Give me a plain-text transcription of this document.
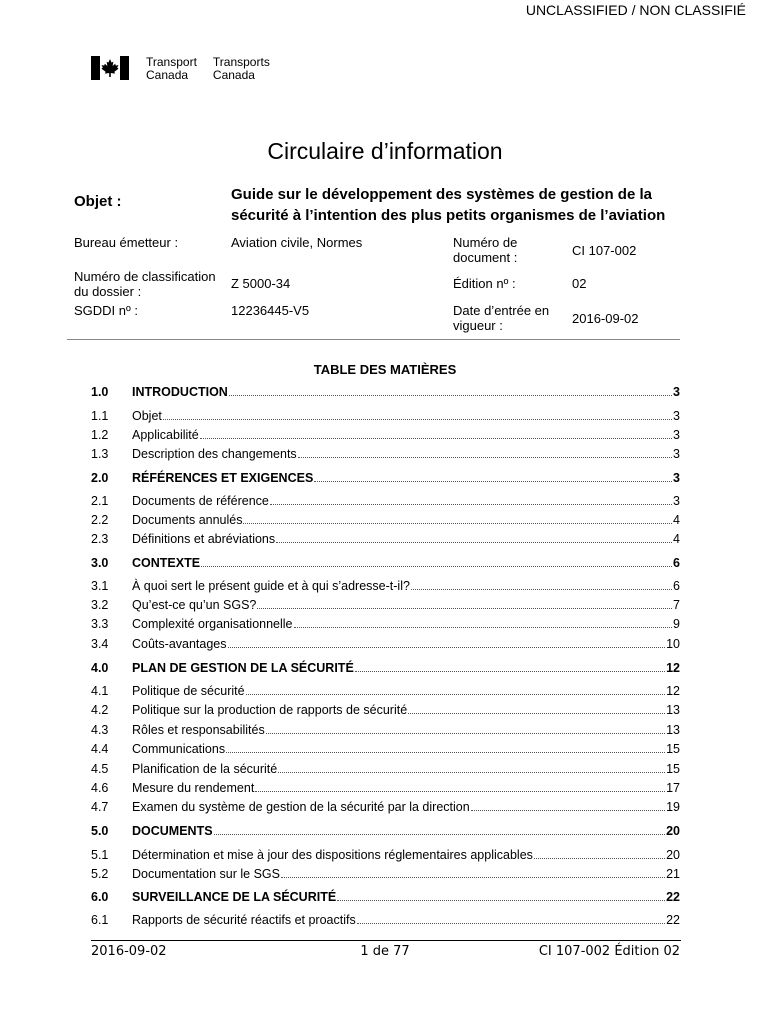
UNCLASSIFIED / NON CLASSIFIÉ
Transport
Canada
Transports
Canada
Circulaire d’information
Objet :	Guide sur le développement des systèmes de gestion de la
sécurité à l’intention des plus petits organismes de l’aviation
Bureau émetteur :	Aviation civile, Normes	Numéro de
document :	CI 107-002
Numéro de classification
du dossier :
Z 5000-34	Édition nº :	02
SGDDI nº :	12236445-V5	Date d’entrée en
vigueur :	2016-09-02
TABLE DES MATIÈRES
1.0 INTRODUCTION	3
1.1 Objet	3
1.2 Applicabilité	3
1.3 Description des changements	3
2.0 RÉFÉRENCES ET EXIGENCES	3
2.1 Documents de référence	3
2.2 Documents annulés	4
2.3 Définitions et abréviations	4
3.0 CONTEXTE	6
3.1 À quoi sert le présent guide et à qui s’adresse-t-il?	6
3.2 Qu’est-ce qu’un SGS?	7
3.3 Complexité organisationnelle	9
3.4 Coûts-avantages	10
4.0 PLAN DE GESTION DE LA SÉCURITÉ	12
4.1 Politique de sécurité	12
4.2 Politique sur la production de rapports de sécurité	13
4.3 Rôles et responsabilités	13
4.4 Communications	15
4.5 Planification de la sécurité	15
4.6 Mesure du rendement	17
4.7 Examen du système de gestion de la sécurité par la direction	19
5.0 DOCUMENTS	20
5.1 Détermination et mise à jour des dispositions réglementaires applicables	20
5.2 Documentation sur le SGS	21
6.0 SURVEILLANCE DE LA SÉCURITÉ	22
6.1 Rapports de sécurité réactifs et proactifs	22
2016-09-02	1 de 77	CI 107-002 Édition 02
